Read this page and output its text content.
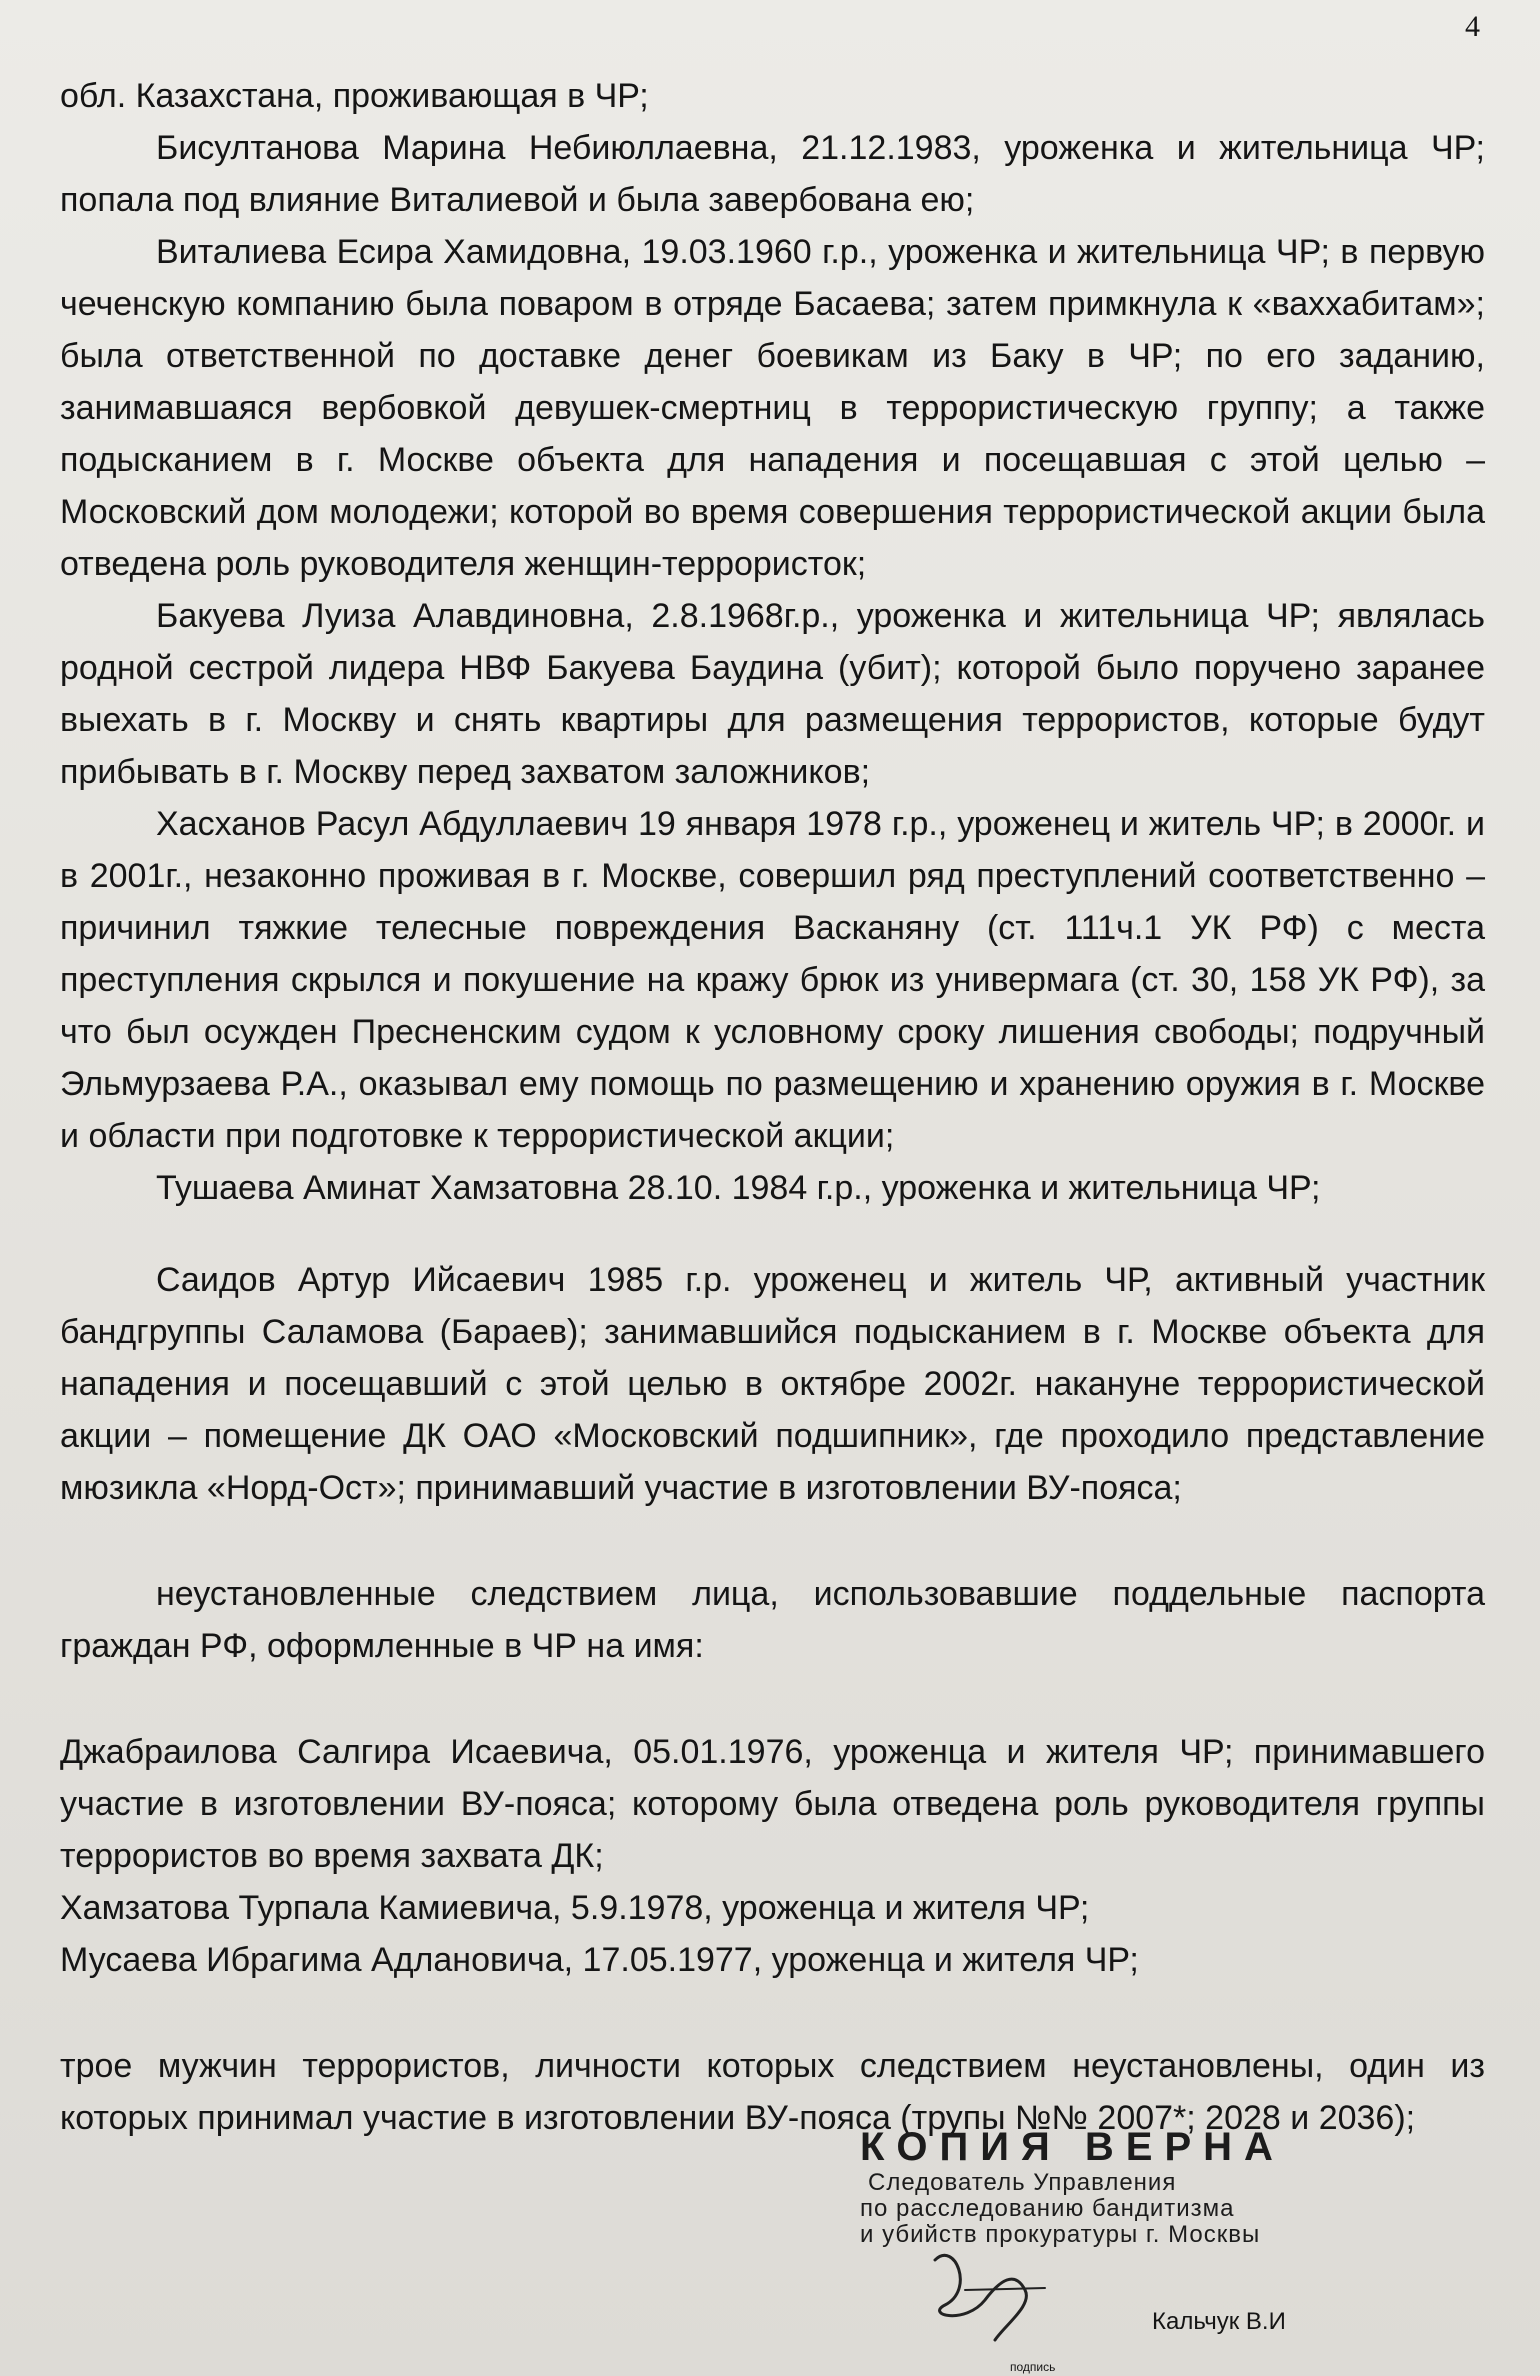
4

обл. Казахстана, проживающая в ЧР;

Бисултанова Марина Небиюллаевна, 21.12.1983, уроженка и жительница ЧР; попала под влияние Виталиевой и была завербована ею;

Виталиева Есира Хамидовна, 19.03.1960 г.р., уроженка и жительница ЧР; в первую чеченскую компанию была поваром в отряде Басаева; затем примкнула к «ваххабитам»; была ответственной по доставке денег боевикам из Баку в ЧР; по его заданию, занимавшаяся вербовкой девушек-смертниц в террористическую группу; а также подысканием в г. Москве объекта для нападения и посещавшая с этой целью – Московский дом молодежи; которой во время совершения террористической акции была отведена роль руководителя женщин-террористок;

Бакуева Луиза Алавдиновна, 2.8.1968г.р., уроженка и жительница ЧР; являлась родной сестрой лидера НВФ Бакуева Баудина (убит); которой было поручено заранее выехать в г. Москву и снять квартиры для размещения террористов, которые будут прибывать в г. Москву перед захватом заложников;

Хасханов Расул Абдуллаевич 19 января 1978 г.р., уроженец и житель ЧР; в 2000г. и в 2001г., незаконно проживая в г. Москве, совершил ряд преступлений соответственно – причинил тяжкие телесные повреждения Васканяну (ст. 111ч.1 УК РФ) с места преступления скрылся и покушение на кражу брюк из универмага (ст. 30, 158 УК РФ), за что был осужден Пресненским судом к условному сроку лишения свободы; подручный Эльмурзаева Р.А., оказывал ему помощь по размещению и хранению оружия в г. Москве и области при подготовке к террористической акции;

Тушаева Аминат Хамзатовна 28.10. 1984 г.р., уроженка и жительница ЧР;

Саидов Артур Ийсаевич 1985 г.р. уроженец и житель ЧР, активный участник бандгруппы Саламова (Бараев); занимавшийся подысканием в г. Москве объекта для нападения и посещавший с этой целью в октябре 2002г. накануне террористической акции – помещение ДК ОАО «Московский подшипник», где проходило представление мюзикла «Норд-Ост»; принимавший участие в изготовлении ВУ-пояса;

неустановленные следствием лица, использовавшие поддельные паспорта граждан РФ, оформленные в ЧР на имя:

Джабраилова Салгира Исаевича, 05.01.1976, уроженца и жителя ЧР; принимавшего участие в изготовлении ВУ-пояса; которому была отведена роль руководителя группы террористов во время захвата ДК;

Хамзатова Турпала Камиевича, 5.9.1978, уроженца и жителя ЧР;

Мусаева Ибрагима Адлановича, 17.05.1977, уроженца и жителя ЧР;

трое мужчин террористов, личности которых следствием неустановлены, один из которых принимал участие в изготовлении ВУ-пояса (трупы №№ 2007*; 2028 и 2036);

КОПИЯ ВЕРНА
Следователь Управления
по расследованию бандитизма
и убийств прокуратуры г. Москвы
Кальчук В.И
подпись
